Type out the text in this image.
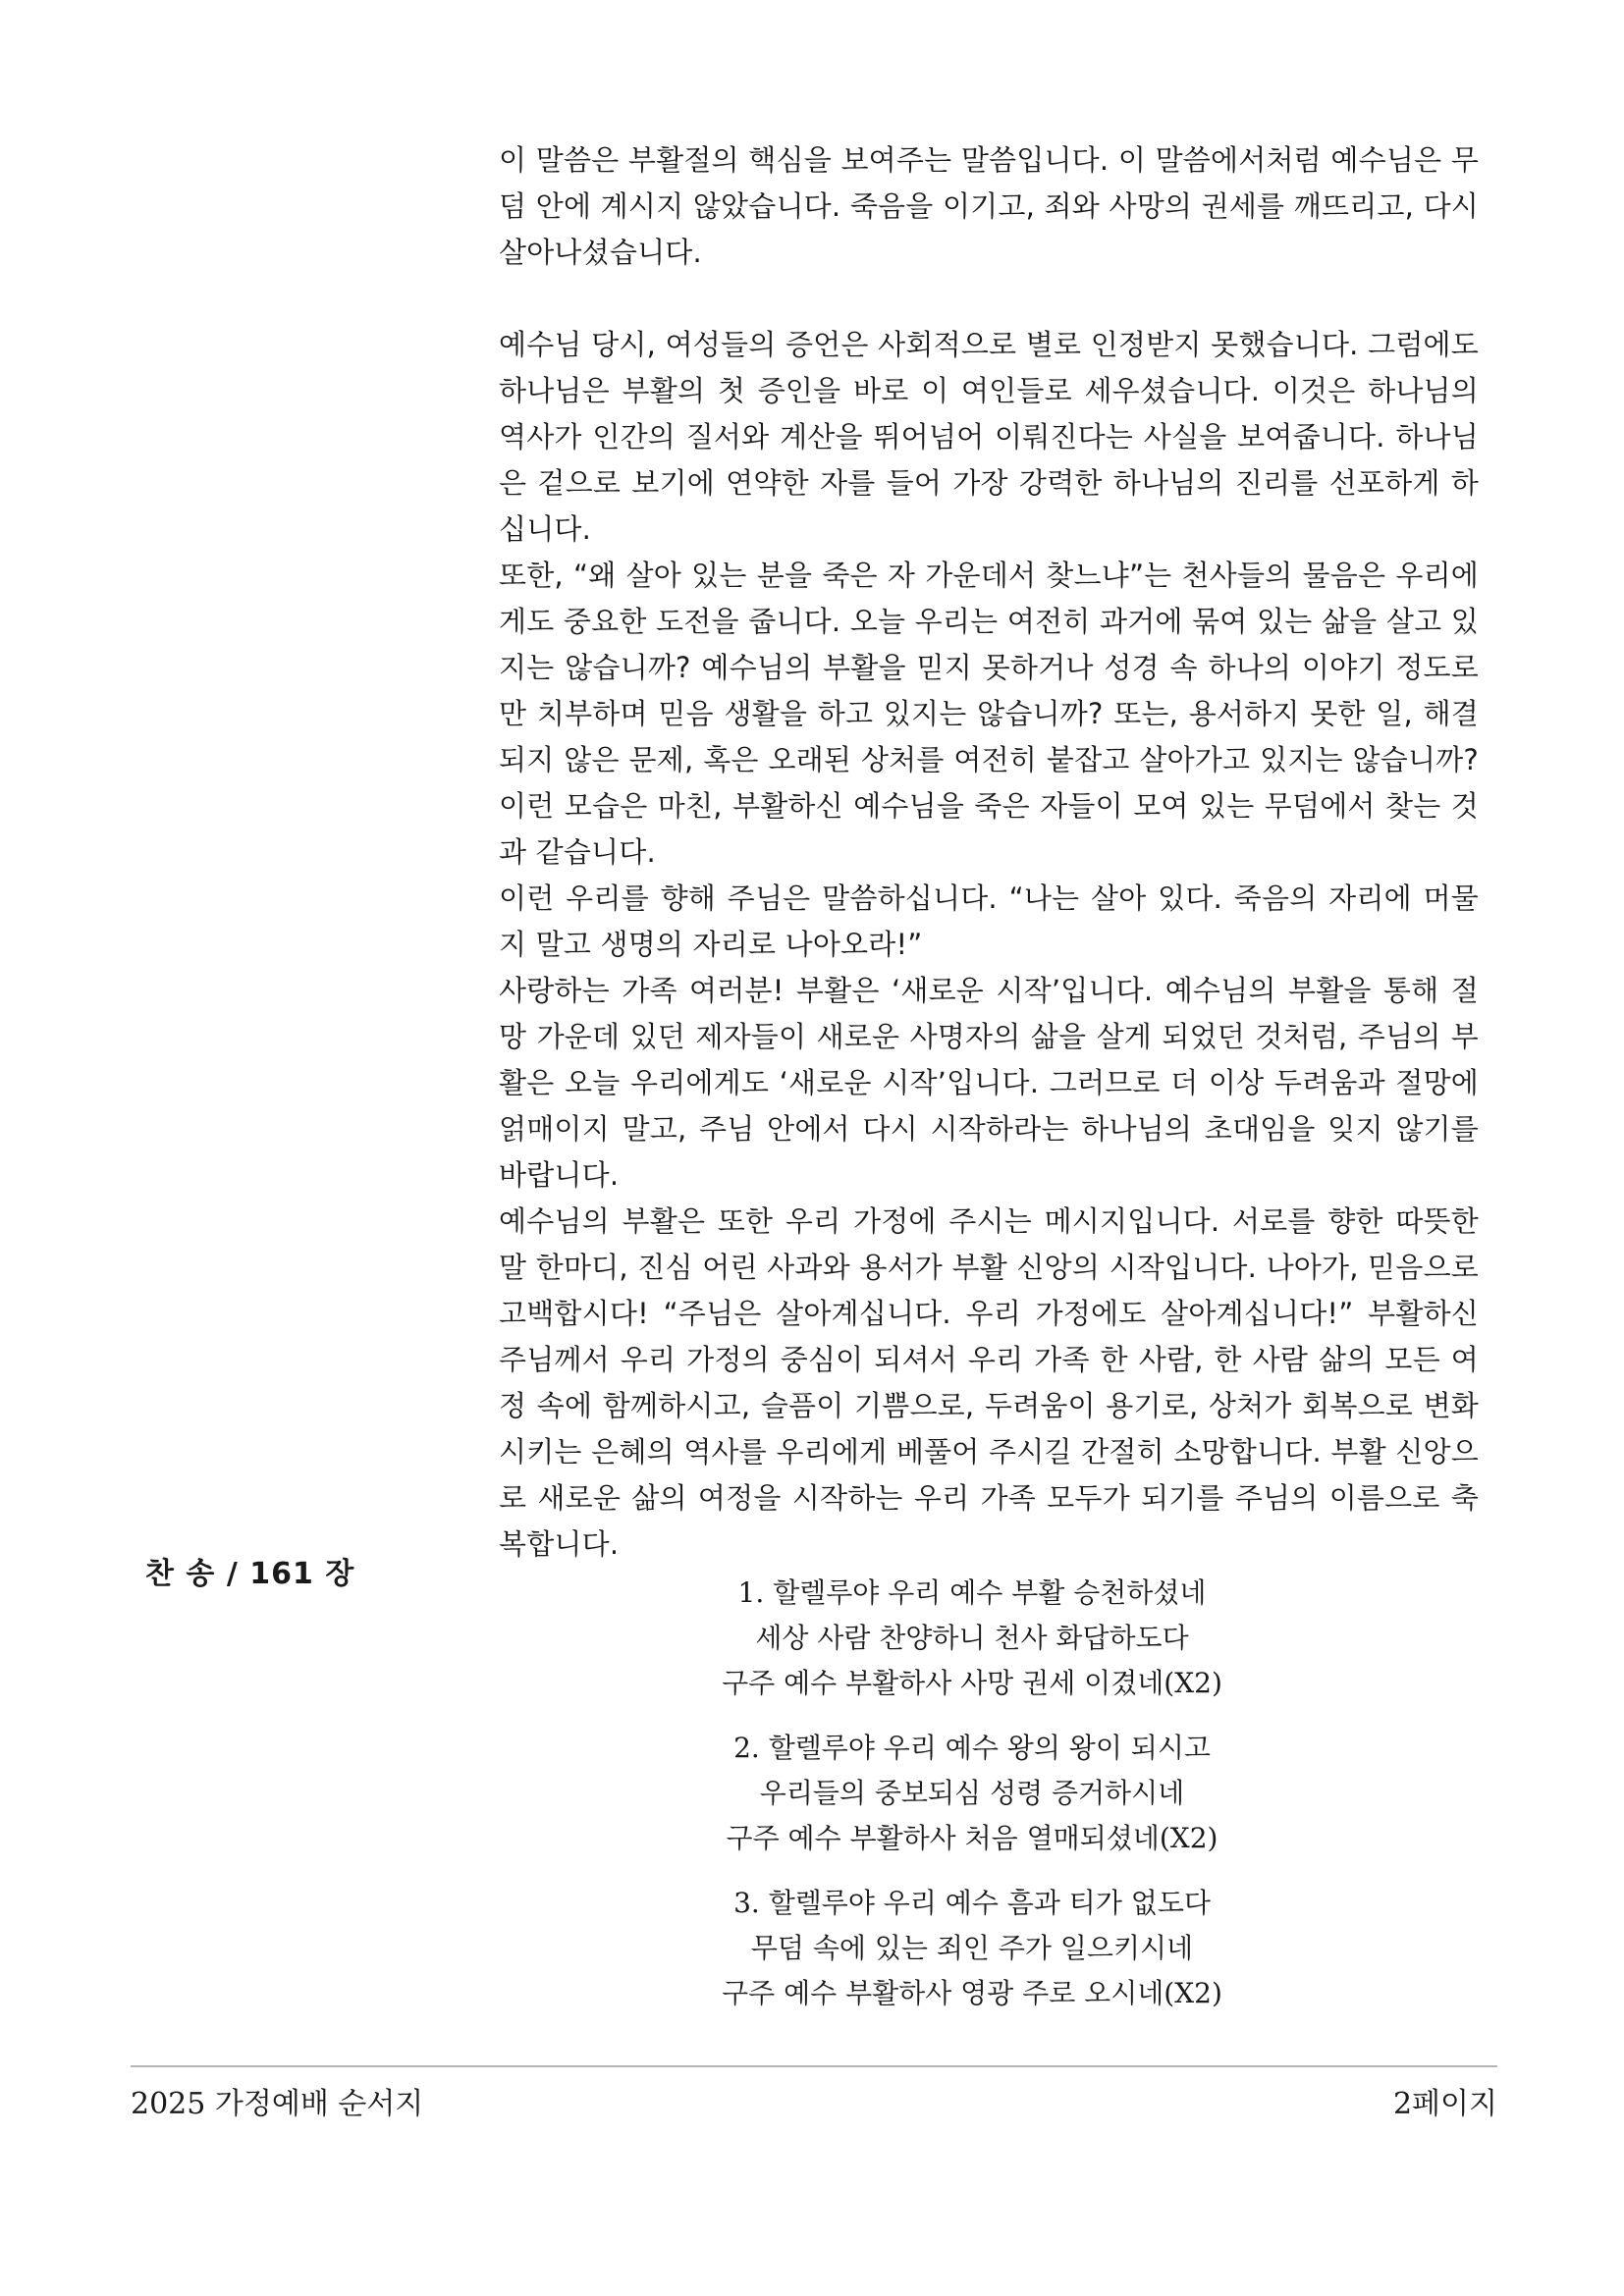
이 말씀은 부활절의 핵심을 보여주는 말씀입니다. 이 말씀에서처럼 예수님은 무덤 안에 계시지 않았습니다. 죽음을 이기고, 죄와 사망의 권세를 깨뜨리고, 다시 살아나셨습니다.

예수님 당시, 여성들의 증언은 사회적으로 별로 인정받지 못했습니다. 그럼에도 하나님은 부활의 첫 증인을 바로 이 여인들로 세우셨습니다. 이것은 하나님의 역사가 인간의 질서와 계산을 뛰어넘어 이뤄진다는 사실을 보여줍니다. 하나님은 겉으로 보기에 연약한 자를 들어 가장 강력한 하나님의 진리를 선포하게 하십니다.

또한, “왜 살아 있는 분을 죽은 자 가운데서 찾느냐”는 천사들의 물음은 우리에게도 중요한 도전을 줍니다. 오늘 우리는 여전히 과거에 묶여 있는 삶을 살고 있지는 않습니까? 예수님의 부활을 믿지 못하거나 성경 속 하나의 이야기 정도로만 치부하며 믿음 생활을 하고 있지는 않습니까? 또는, 용서하지 못한 일, 해결되지 않은 문제, 혹은 오래된 상처를 여전히 붙잡고 살아가고 있지는 않습니까? 이런 모습은 마친, 부활하신 예수님을 죽은 자들이 모여 있는 무덤에서 찾는 것과 같습니다.

이런 우리를 향해 주님은 말씀하십니다. “나는 살아 있다. 죽음의 자리에 머물지 말고 생명의 자리로 나아오라!”

사랑하는 가족 여러분! 부활은 ‘새로운 시작’입니다. 예수님의 부활을 통해 절망 가운데 있던 제자들이 새로운 사명자의 삶을 살게 되었던 것처럼, 주님의 부활은 오늘 우리에게도 ‘새로운 시작’입니다. 그러므로 더 이상 두려움과 절망에 얽매이지 말고, 주님 안에서 다시 시작하라는 하나님의 초대임을 잊지 않기를 바랍니다.

예수님의 부활은 또한 우리 가정에 주시는 메시지입니다. 서로를 향한 따뜻한 말 한마디, 진심 어린 사과와 용서가 부활 신앙의 시작입니다. 나아가, 믿음으로 고백합시다! “주님은 살아계십니다. 우리 가정에도 살아계십니다!” 부활하신 주님께서 우리 가정의 중심이 되셔서 우리 가족 한 사람, 한 사람 삶의 모든 여정 속에 함께하시고, 슬픔이 기쁨으로, 두려움이 용기로, 상처가 회복으로 변화시키는 은혜의 역사를 우리에게 베풀어 주시길 간절히 소망합니다. 부활 신앙으로 새로운 삶의 여정을 시작하는 우리 가족 모두가 되기를 주님의 이름으로 축복합니다.

찬 송 / 161 장
1. 할렐루야 우리 예수 부활 승천하셨네
세상 사람 찬양하니 천사 화답하도다
구주 예수 부활하사 사망 권세 이겼네(X2)
2. 할렐루야 우리 예수 왕의 왕이 되시고
우리들의 중보되심 성령 증거하시네
구주 예수 부활하사 처음 열매되셨네(X2)
3. 할렐루야 우리 예수 흠과 티가 없도다
무덤 속에 있는 죄인 주가 일으키시네
구주 예수 부활하사 영광 주로 오시네(X2)
2025 가정예배 순서지	2페이지
